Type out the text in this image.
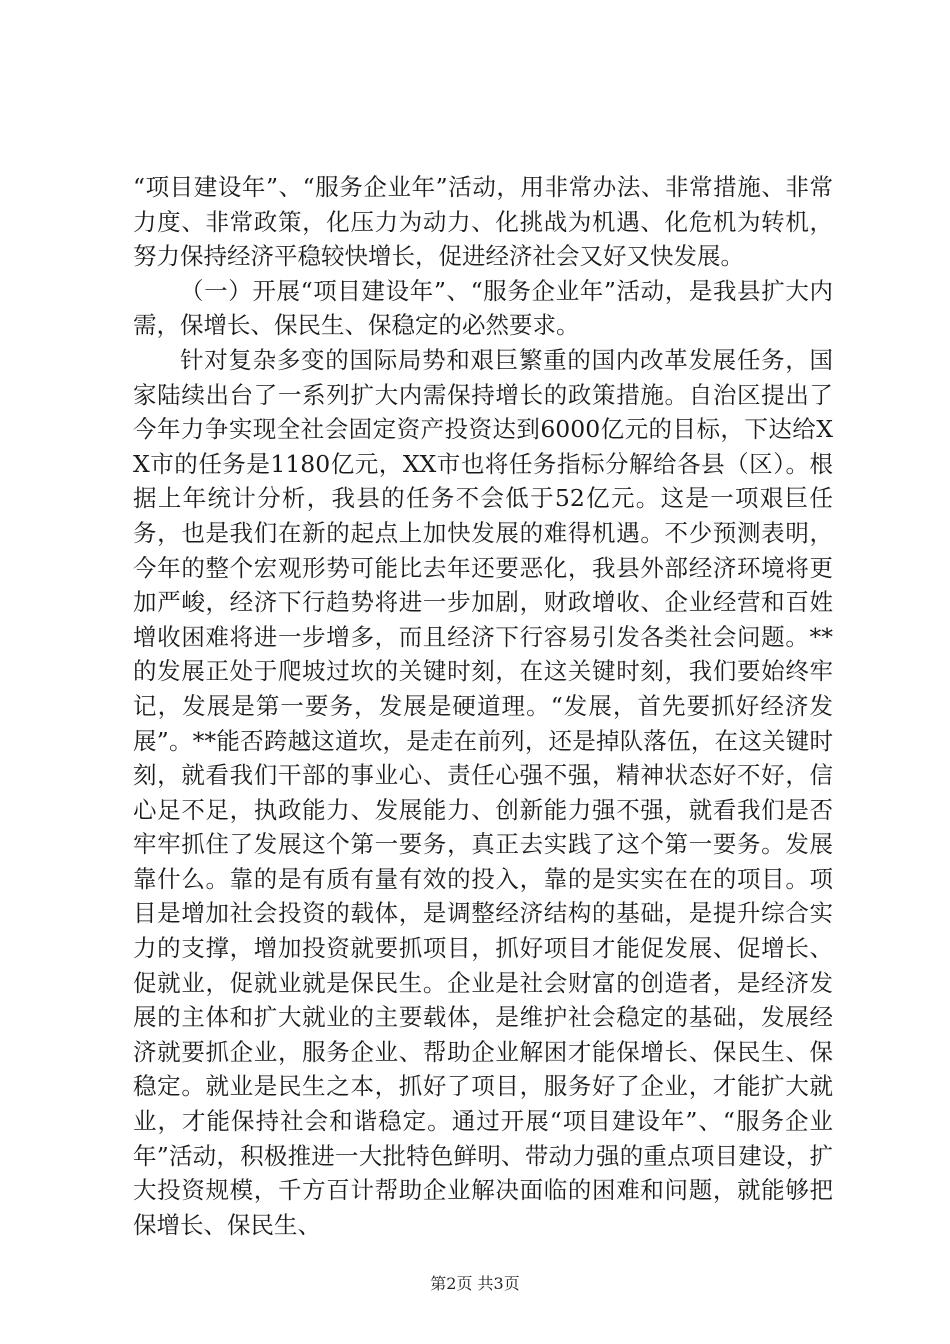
“项目建设年”、“服务企业年”活动，用非常办法、非常措施、非常力度、非常政策，化压力为动力、化挑战为机遇、化危机为转机，努力保持经济平稳较快增长，促进经济社会又好又快发展。

（一）开展“项目建设年”、“服务企业年”活动，是我县扩大内需，保增长、保民生、保稳定的必然要求。

针对复杂多变的国际局势和艰巨繁重的国内改革发展任务，国家陆续出台了一系列扩大内需保持增长的政策措施。自治区提出了今年力争实现全社会固定资产投资达到6000亿元的目标，下达给XX市的任务是1180亿元，XX市也将任务指标分解给各县（区）。根据上年统计分析，我县的任务不会低于52亿元。这是一项艰巨任务，也是我们在新的起点上加快发展的难得机遇。不少预测表明，今年的整个宏观形势可能比去年还要恶化，我县外部经济环境将更加严峻，经济下行趋势将进一步加剧，财政增收、企业经营和百姓增收困难将进一步增多，而且经济下行容易引发各类社会问题。**的发展正处于爬坡过坎的关键时刻，在这关键时刻，我们要始终牢记，发展是第一要务，发展是硬道理。“发展，首先要抓好经济发展”。**能否跨越这道坎，是走在前列，还是掉队落伍，在这关键时刻，就看我们干部的事业心、责任心强不强，精神状态好不好，信心足不足，执政能力、发展能力、创新能力强不强，就看我们是否牢牢抓住了发展这个第一要务，真正去实践了这个第一要务。发展靠什么。靠的是有质有量有效的投入，靠的是实实在在的项目。项目是增加社会投资的载体，是调整经济结构的基础，是提升综合实力的支撑，增加投资就要抓项目，抓好项目才能促发展、促增长、促就业，促就业就是保民生。企业是社会财富的创造者，是经济发展的主体和扩大就业的主要载体，是维护社会稳定的基础，发展经济就要抓企业，服务企业、帮助企业解困才能保增长、保民生、保稳定。就业是民生之本，抓好了项目，服务好了企业，才能扩大就业，才能保持社会和谐稳定。通过开展“项目建设年”、“服务企业年”活动，积极推进一大批特色鲜明、带动力强的重点项目建设，扩大投资规模，千方百计帮助企业解决面临的困难和问题，就能够把保增长、保民生、

第2页 共3页
